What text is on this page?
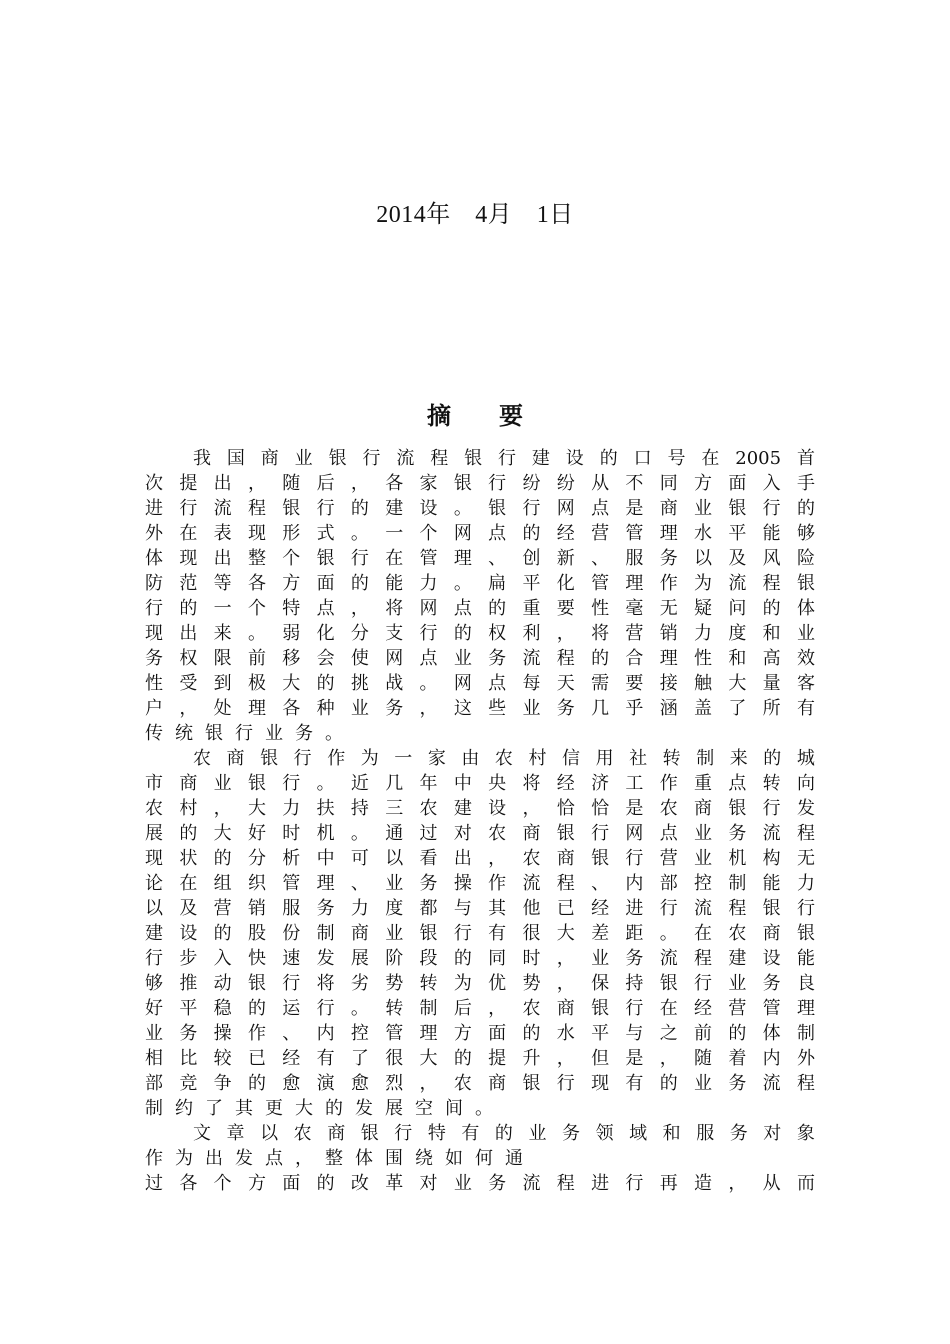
2014年　4月　1日
摘　　要
我 国 商 业 银 行 流 程 银 行 建 设 的 口 号 在 2005 首
次 提 出 ， 随 后 ， 各 家 银 行 纷 纷 从 不 同 方 面 入 手
进 行 流 程 银 行 的 建 设 。 银 行 网 点 是 商 业 银 行 的
外 在 表 现 形 式 。 一 个 网 点 的 经 营 管 理 水 平 能 够
体 现 出 整 个 银 行 在 管 理 、 创 新 、 服 务 以 及 风 险
防 范 等 各 方 面 的 能 力 。 扁 平 化 管 理 作 为 流 程 银
行 的 一 个 特 点 ， 将 网 点 的 重 要 性 毫 无 疑 问 的 体
现 出 来 。 弱 化 分 支 行 的 权 利 ， 将 营 销 力 度 和 业
务 权 限 前 移 会 使 网 点 业 务 流 程 的 合 理 性 和 高 效
性 受 到 极 大 的 挑 战 。 网 点 每 天 需 要 接 触 大 量 客
户 ， 处 理 各 种 业 务 ， 这 些 业 务 几 乎 涵 盖 了 所 有
传 统 银 行 业 务 。
农 商 银 行 作 为 一 家 由 农 村 信 用 社 转 制 来 的 城
市 商 业 银 行 。 近 几 年 中 央 将 经 济 工 作 重 点 转 向
农 村 ， 大 力 扶 持 三 农 建 设 ， 恰 恰 是 农 商 银 行 发
展 的 大 好 时 机 。 通 过 对 农 商 银 行 网 点 业 务 流 程
现 状 的 分 析 中 可 以 看 出 ， 农 商 银 行 营 业 机 构 无
论 在 组 织 管 理 、 业 务 操 作 流 程 、 内 部 控 制 能 力
以 及 营 销 服 务 力 度 都 与 其 他 已 经 进 行 流 程 银 行
建 设 的 股 份 制 商 业 银 行 有 很 大 差 距 。 在 农 商 银
行 步 入 快 速 发 展 阶 段 的 同 时 ， 业 务 流 程 建 设 能
够 推 动 银 行 将 劣 势 转 为 优 势 ， 保 持 银 行 业 务 良
好 平 稳 的 运 行 。 转 制 后 ， 农 商 银 行 在 经 营 管 理
业 务 操 作 、 内 控 管 理 方 面 的 水 平 与 之 前 的 体 制
相 比 较 已 经 有 了 很 大 的 提 升 ， 但 是 ， 随 着 内 外
部 竞 争 的 愈 演 愈 烈 ， 农 商 银 行 现 有 的 业 务 流 程
制 约 了 其 更 大 的 发 展 空 间 。
文 章 以 农 商 银 行 特 有 的 业 务 领 域 和 服 务 对 象
作 为 出 发 点 ， 整 体 围 绕 如 何 通
过 各 个 方 面 的 改 革 对 业 务 流 程 进 行 再 造 ， 从 而
